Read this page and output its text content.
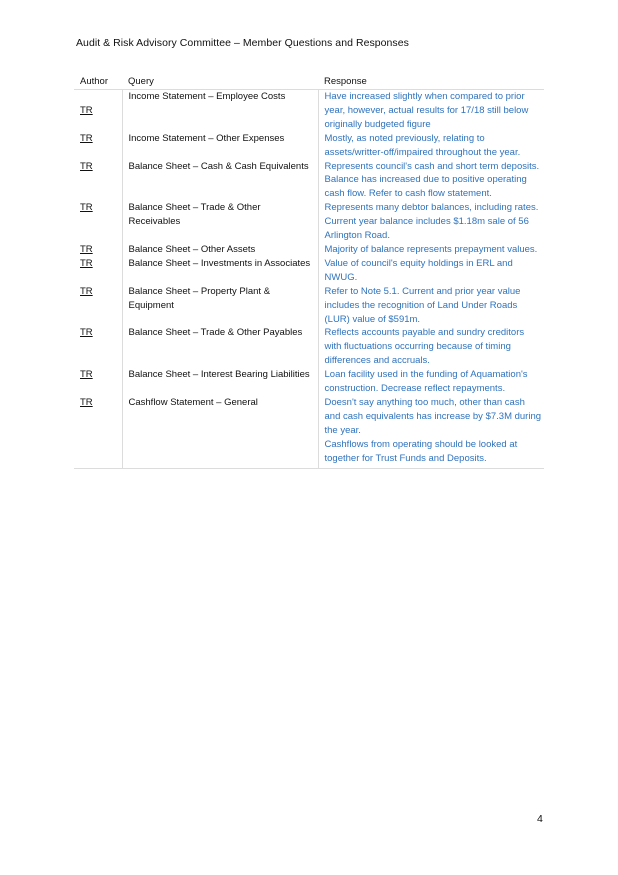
Audit & Risk Advisory Committee – Member Questions and Responses
Author	Query	Response
TR	Income Statement – Employee Costs	Have increased slightly when compared to prior year, however, actual results for 17/18 still below originally budgeted figure
TR	Income Statement – Other Expenses	Mostly, as noted previously, relating to assets/writter-off/impaired throughout the year.
TR	Balance Sheet – Cash & Cash Equivalents	Represents council's cash and short term deposits. Balance has increased due to positive operating cash flow. Refer to cash flow statement.
TR	Balance Sheet – Trade & Other Receivables	Represents many debtor balances, including rates. Current year balance includes $1.18m sale of 56 Arlington Road.
TR	Balance Sheet – Other Assets	Majority of balance represents prepayment values.
TR	Balance Sheet – Investments in Associates	Value of council's equity holdings in ERL and NWUG.
TR	Balance Sheet – Property Plant & Equipment	Refer to Note 5.1. Current and prior year value includes the recognition of Land Under Roads (LUR) value of $591m.
TR	Balance Sheet – Trade & Other Payables	Reflects accounts payable and sundry creditors with fluctuations occurring because of timing differences and accruals.
TR	Balance Sheet – Interest Bearing Liabilities	Loan facility used in the funding of Aquamation's construction. Decrease reflect repayments.
TR	Cashflow Statement – General	Doesn't say anything too much, other than cash and cash equivalents has increase by $7.3M during the year.
Cashflows from operating should be looked at together for Trust Funds and Deposits.
4
